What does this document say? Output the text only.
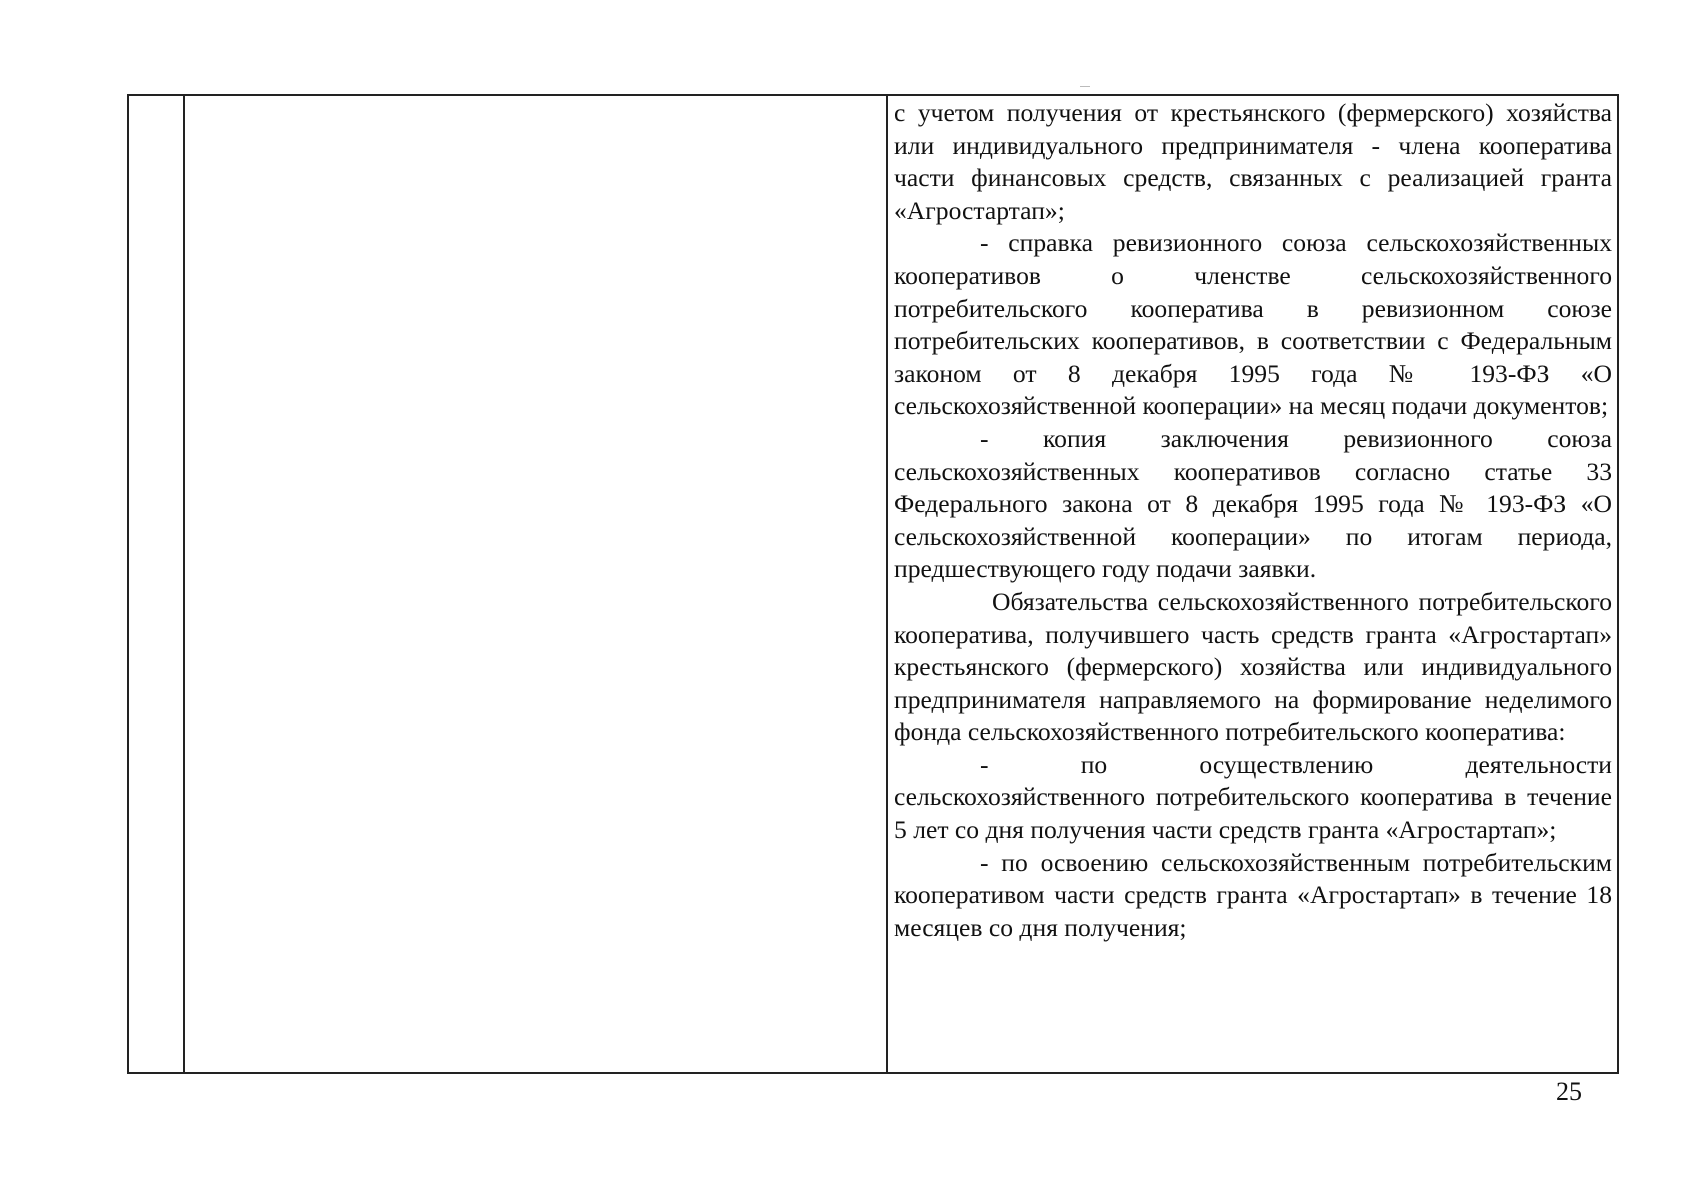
с учетом получения от крестьянского (фермерского) хозяйства или индивидуального предпринимателя - члена кооператива части финансовых средств, связанных с реализацией гранта «Агростартап»;

- справка ревизионного союза сельскохозяйственных кооперативов о членстве сельскохозяйственного потребительского кооператива в ревизионном союзе потребительских кооперативов, в соответствии с Федеральным законом от 8 декабря 1995 года № 193-ФЗ «О сельскохозяйственной кооперации» на месяц подачи документов;

- копия заключения ревизионного союза сельскохозяйственных кооперативов согласно статье 33 Федерального закона от 8 декабря 1995 года № 193-ФЗ «О сельскохозяйственной кооперации» по итогам периода, предшествующего году подачи заявки.

Обязательства сельскохозяйственного потребительского кооператива, получившего часть средств гранта «Агростартап» крестьянского (фермерского) хозяйства или индивидуального предпринимателя направляемого на формирование неделимого фонда сельскохозяйственного потребительского кооператива:

- по осуществлению деятельности сельскохозяйственного потребительского кооператива в течение 5 лет со дня получения части средств гранта «Агростартап»;

- по освоению сельскохозяйственным потребительским кооперативом части средств гранта «Агростартап» в течение 18 месяцев со дня получения;

25
